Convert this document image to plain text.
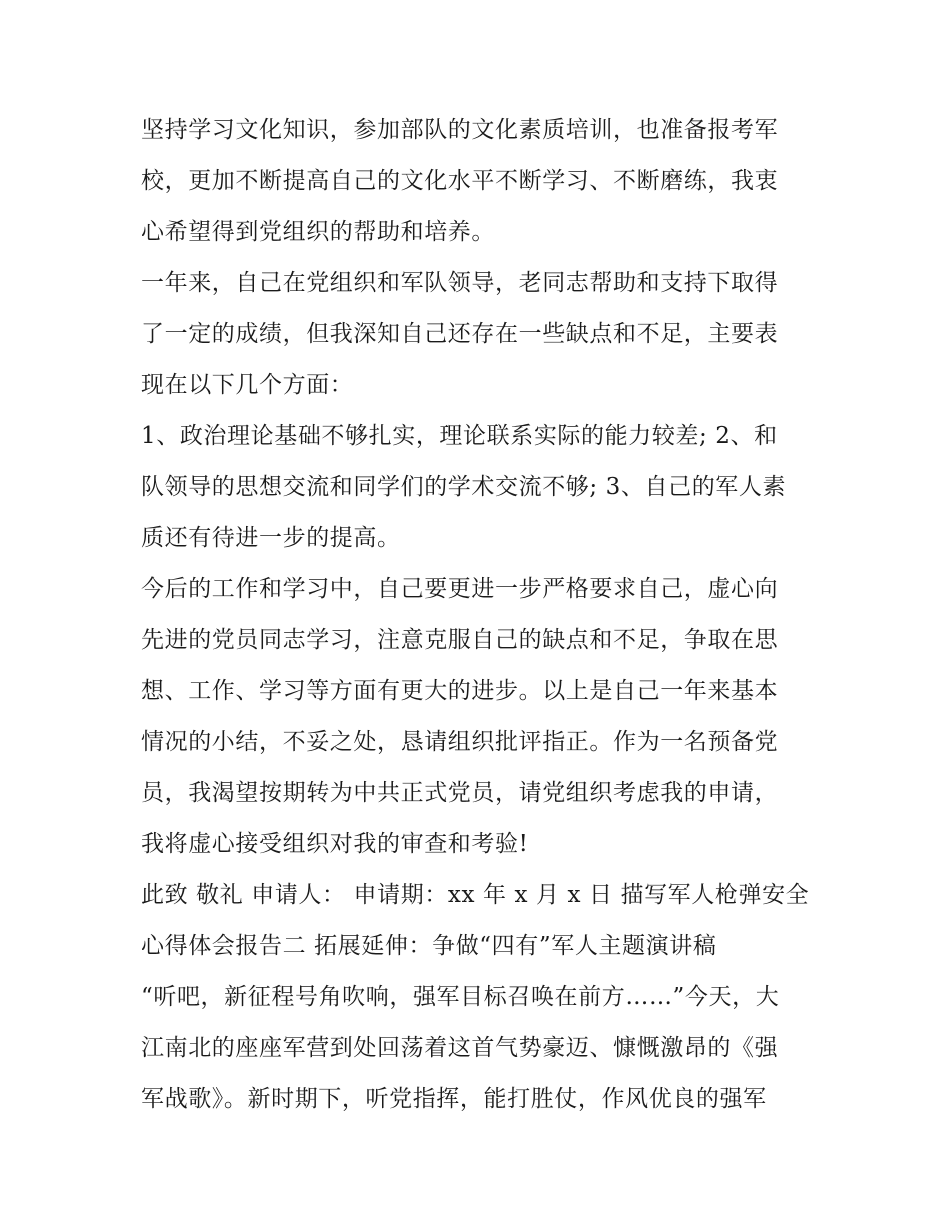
坚持学习文化知识，参加部队的文化素质培训，也准备报考军
校，更加不断提高自己的文化水平不断学习、不断磨练，我衷
心希望得到党组织的帮助和培养。
一年来，自己在党组织和军队领导，老同志帮助和支持下取得
了一定的成绩，但我深知自己还存在一些缺点和不足，主要表
现在以下几个方面：
1、政治理论基础不够扎实，理论联系实际的能力较差; 2、和
队领导的思想交流和同学们的学术交流不够; 3、自己的军人素
质还有待进一步的提高。
今后的工作和学习中，自己要更进一步严格要求自己，虚心向
先进的党员同志学习，注意克服自己的缺点和不足，争取在思
想、工作、学习等方面有更大的进步。以上是自己一年来基本
情况的小结，不妥之处，恳请组织批评指正。作为一名预备党
员，我渴望按期转为中共正式党员，请党组织考虑我的申请，
我将虚心接受组织对我的审查和考验!
此致 敬礼 申请人： 申请期：xx 年 x 月 x 日 描写军人枪弹安全
心得体会报告二 拓展延伸：争做“四有”军人主题演讲稿
“听吧，新征程号角吹响，强军目标召唤在前方……”今天，大
江南北的座座军营到处回荡着这首气势豪迈、慷慨激昂的《强
军战歌》。新时期下，听党指挥，能打胜仗，作风优良的强军
